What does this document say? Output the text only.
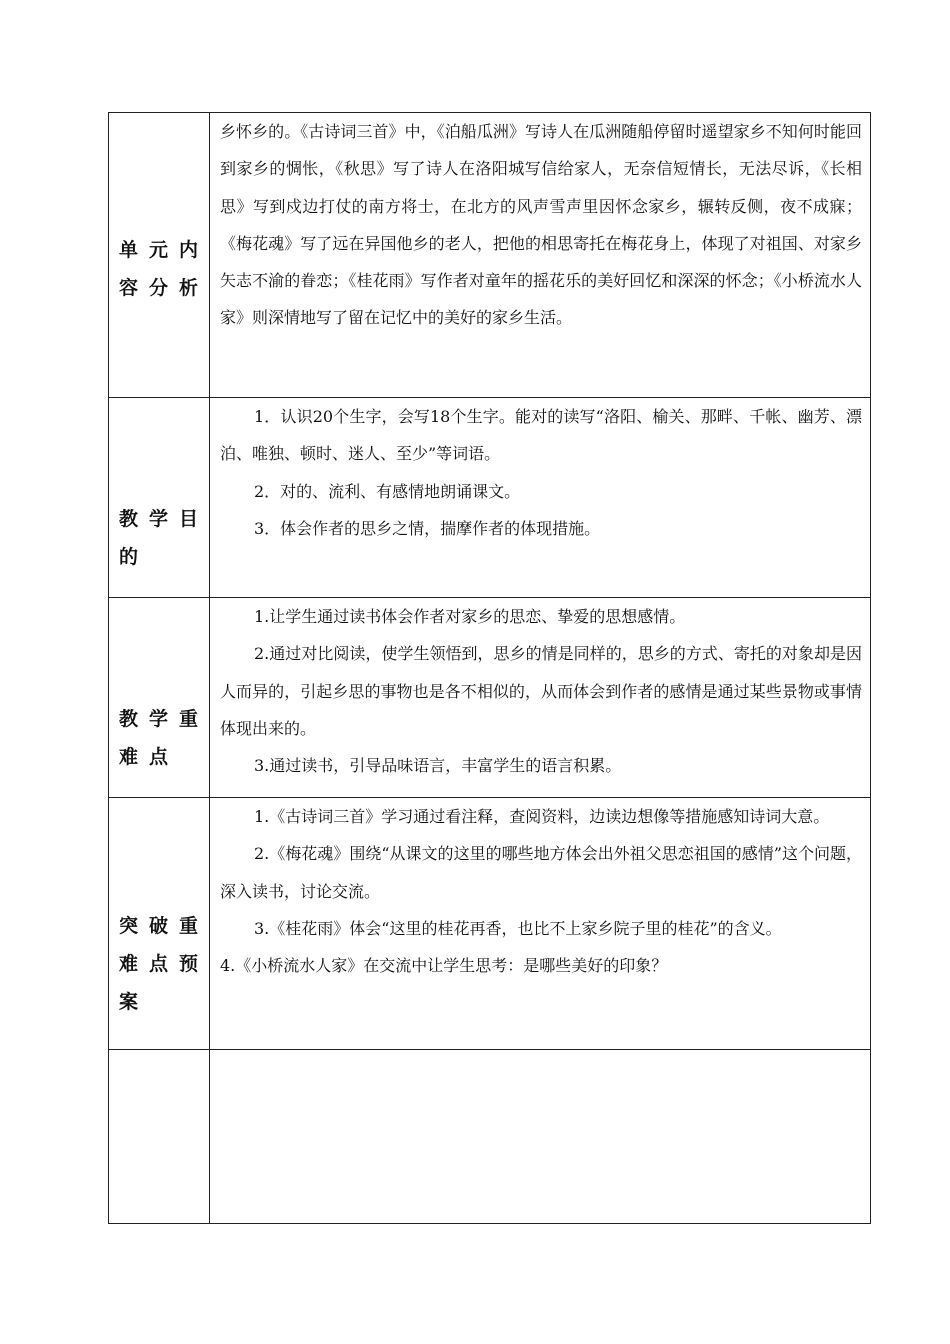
单元内容分析	乡怀乡的。《古诗词三首》中，《泊船瓜洲》写诗人在瓜洲随船停留时遥望家乡不知何时能回到家乡的惆怅，《秋思》写了诗人在洛阳城写信给家人，无奈信短情长，无法尽诉，《长相思》写到戍边打仗的南方将士，在北方的风声雪声里因怀念家乡，辗转反侧，夜不成寐；《梅花魂》写了远在异国他乡的老人，把他的相思寄托在梅花身上，体现了对祖国、对家乡矢志不渝的眷恋；《桂花雨》写作者对童年的摇花乐的美好回忆和深深的怀念；《小桥流水人家》则深情地写了留在记忆中的美好的家乡生活。

教学目的	1．认识20个生字，会写18个生字。能对的读写“洛阳、榆关、那畔、千帐、幽芳、漂泊、唯独、顿时、迷人、至少”等词语。

2．对的、流利、有感情地朗诵课文。

3．体会作者的思乡之情，揣摩作者的体现措施。

教学重难点	1.让学生通过读书体会作者对家乡的思恋、挚爱的思想感情。

2.通过对比阅读，使学生领悟到，思乡的情是同样的，思乡的方式、寄托的对象却是因人而异的，引起乡思的事物也是各不相似的，从而体会到作者的感情是通过某些景物或事情体现出来的。

3.通过读书，引导品味语言，丰富学生的语言积累。

突破重难点预案	1.《古诗词三首》学习通过看注释，查阅资料，边读边想像等措施感知诗词大意。

2.《梅花魂》围绕“从课文的这里的哪些地方体会出外祖父思恋祖国的感情”这个问题，深入读书，讨论交流。

3.《桂花雨》体会“这里的桂花再香，也比不上家乡院子里的桂花”的含义。

4.《小桥流水人家》在交流中让学生思考：是哪些美好的印象？
